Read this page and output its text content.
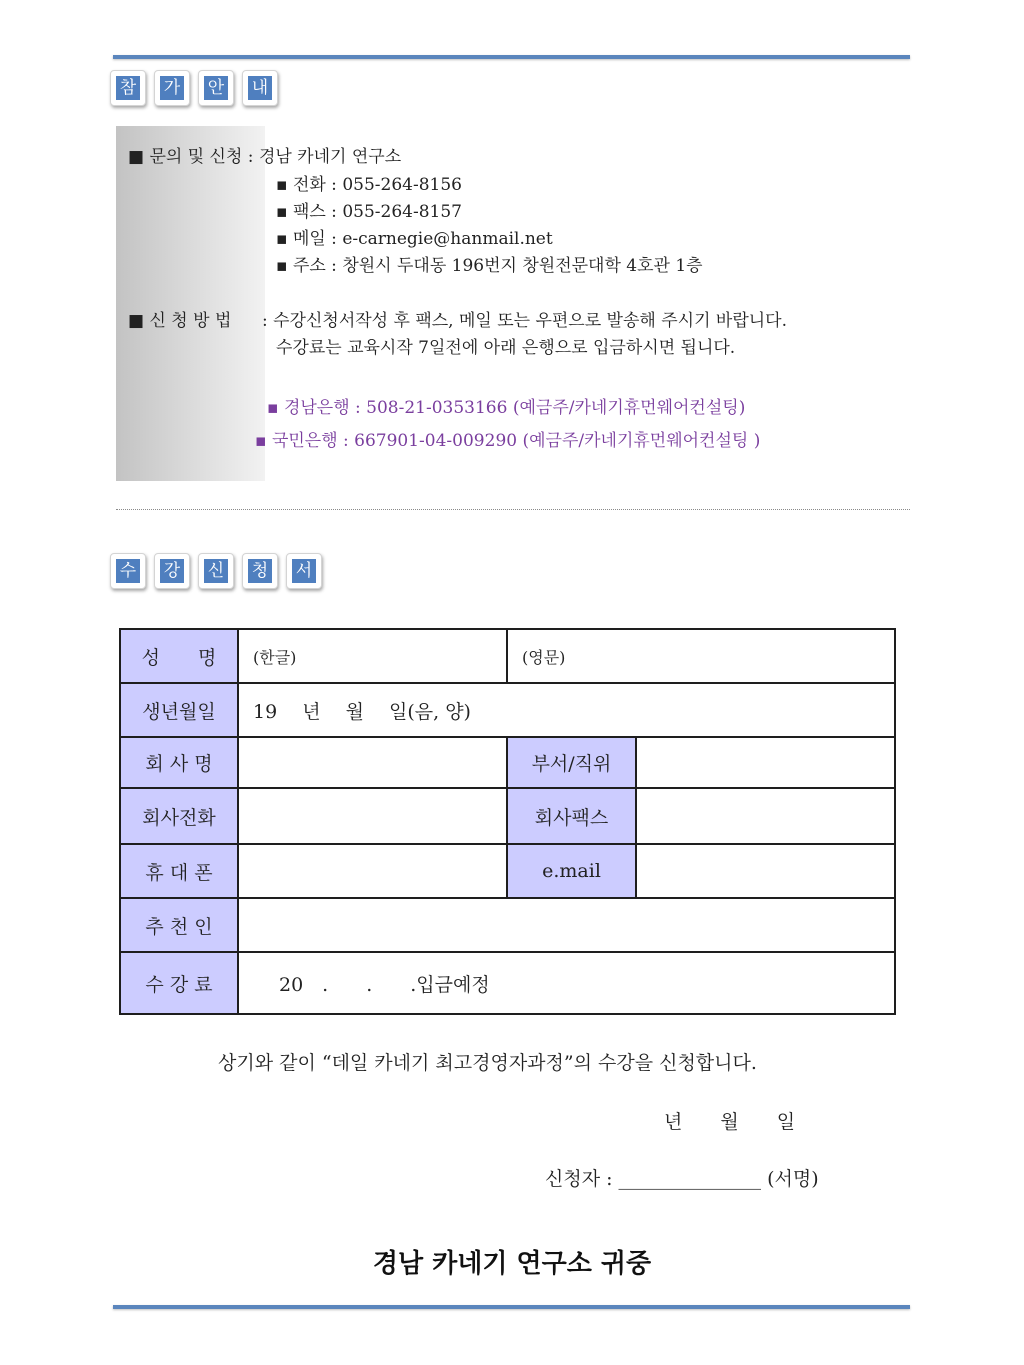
참 가 안 내
■ 문의 및 신청 : 경남 카네기 연구소
▪ 전화 : 055-264-8156
▪ 팩스 : 055-264-8157
▪ 메일 : e-carnegie@hanmail.net
▪ 주소 : 창원시 두대동 196번지 창원전문대학 4호관 1층
■ 신 청 방 법 : 수강신청서작성 후 팩스, 메일 또는 우편으로 발송해 주시기 바랍니다.
수강료는 교육시작 7일전에 아래 은행으로 입금하시면 됩니다.
▪ 경남은행 : 508-21-0353166 (예금주/카네기휴먼웨어컨설팅)
▪ 국민은행 : 667901-04-009290 (예금주/카네기휴먼웨어컨설팅 )
수 강 신 청 서
성　　명	(한글)	(영문)	
생년월일	19　 년　 월　 일(음, 양)		
회 사 명		부서/직위	
회사전화		회사팩스	
휴 대 폰		e.mail	
추 천 인			
수 강 료	20　.　　.　　.입금예정		
상기와 같이 “데일 카네기 최고경영자과정”의 수강을 신청합니다.
년　　월　　일
신청자 : _______________ (서명)
경남 카네기 연구소 귀중
